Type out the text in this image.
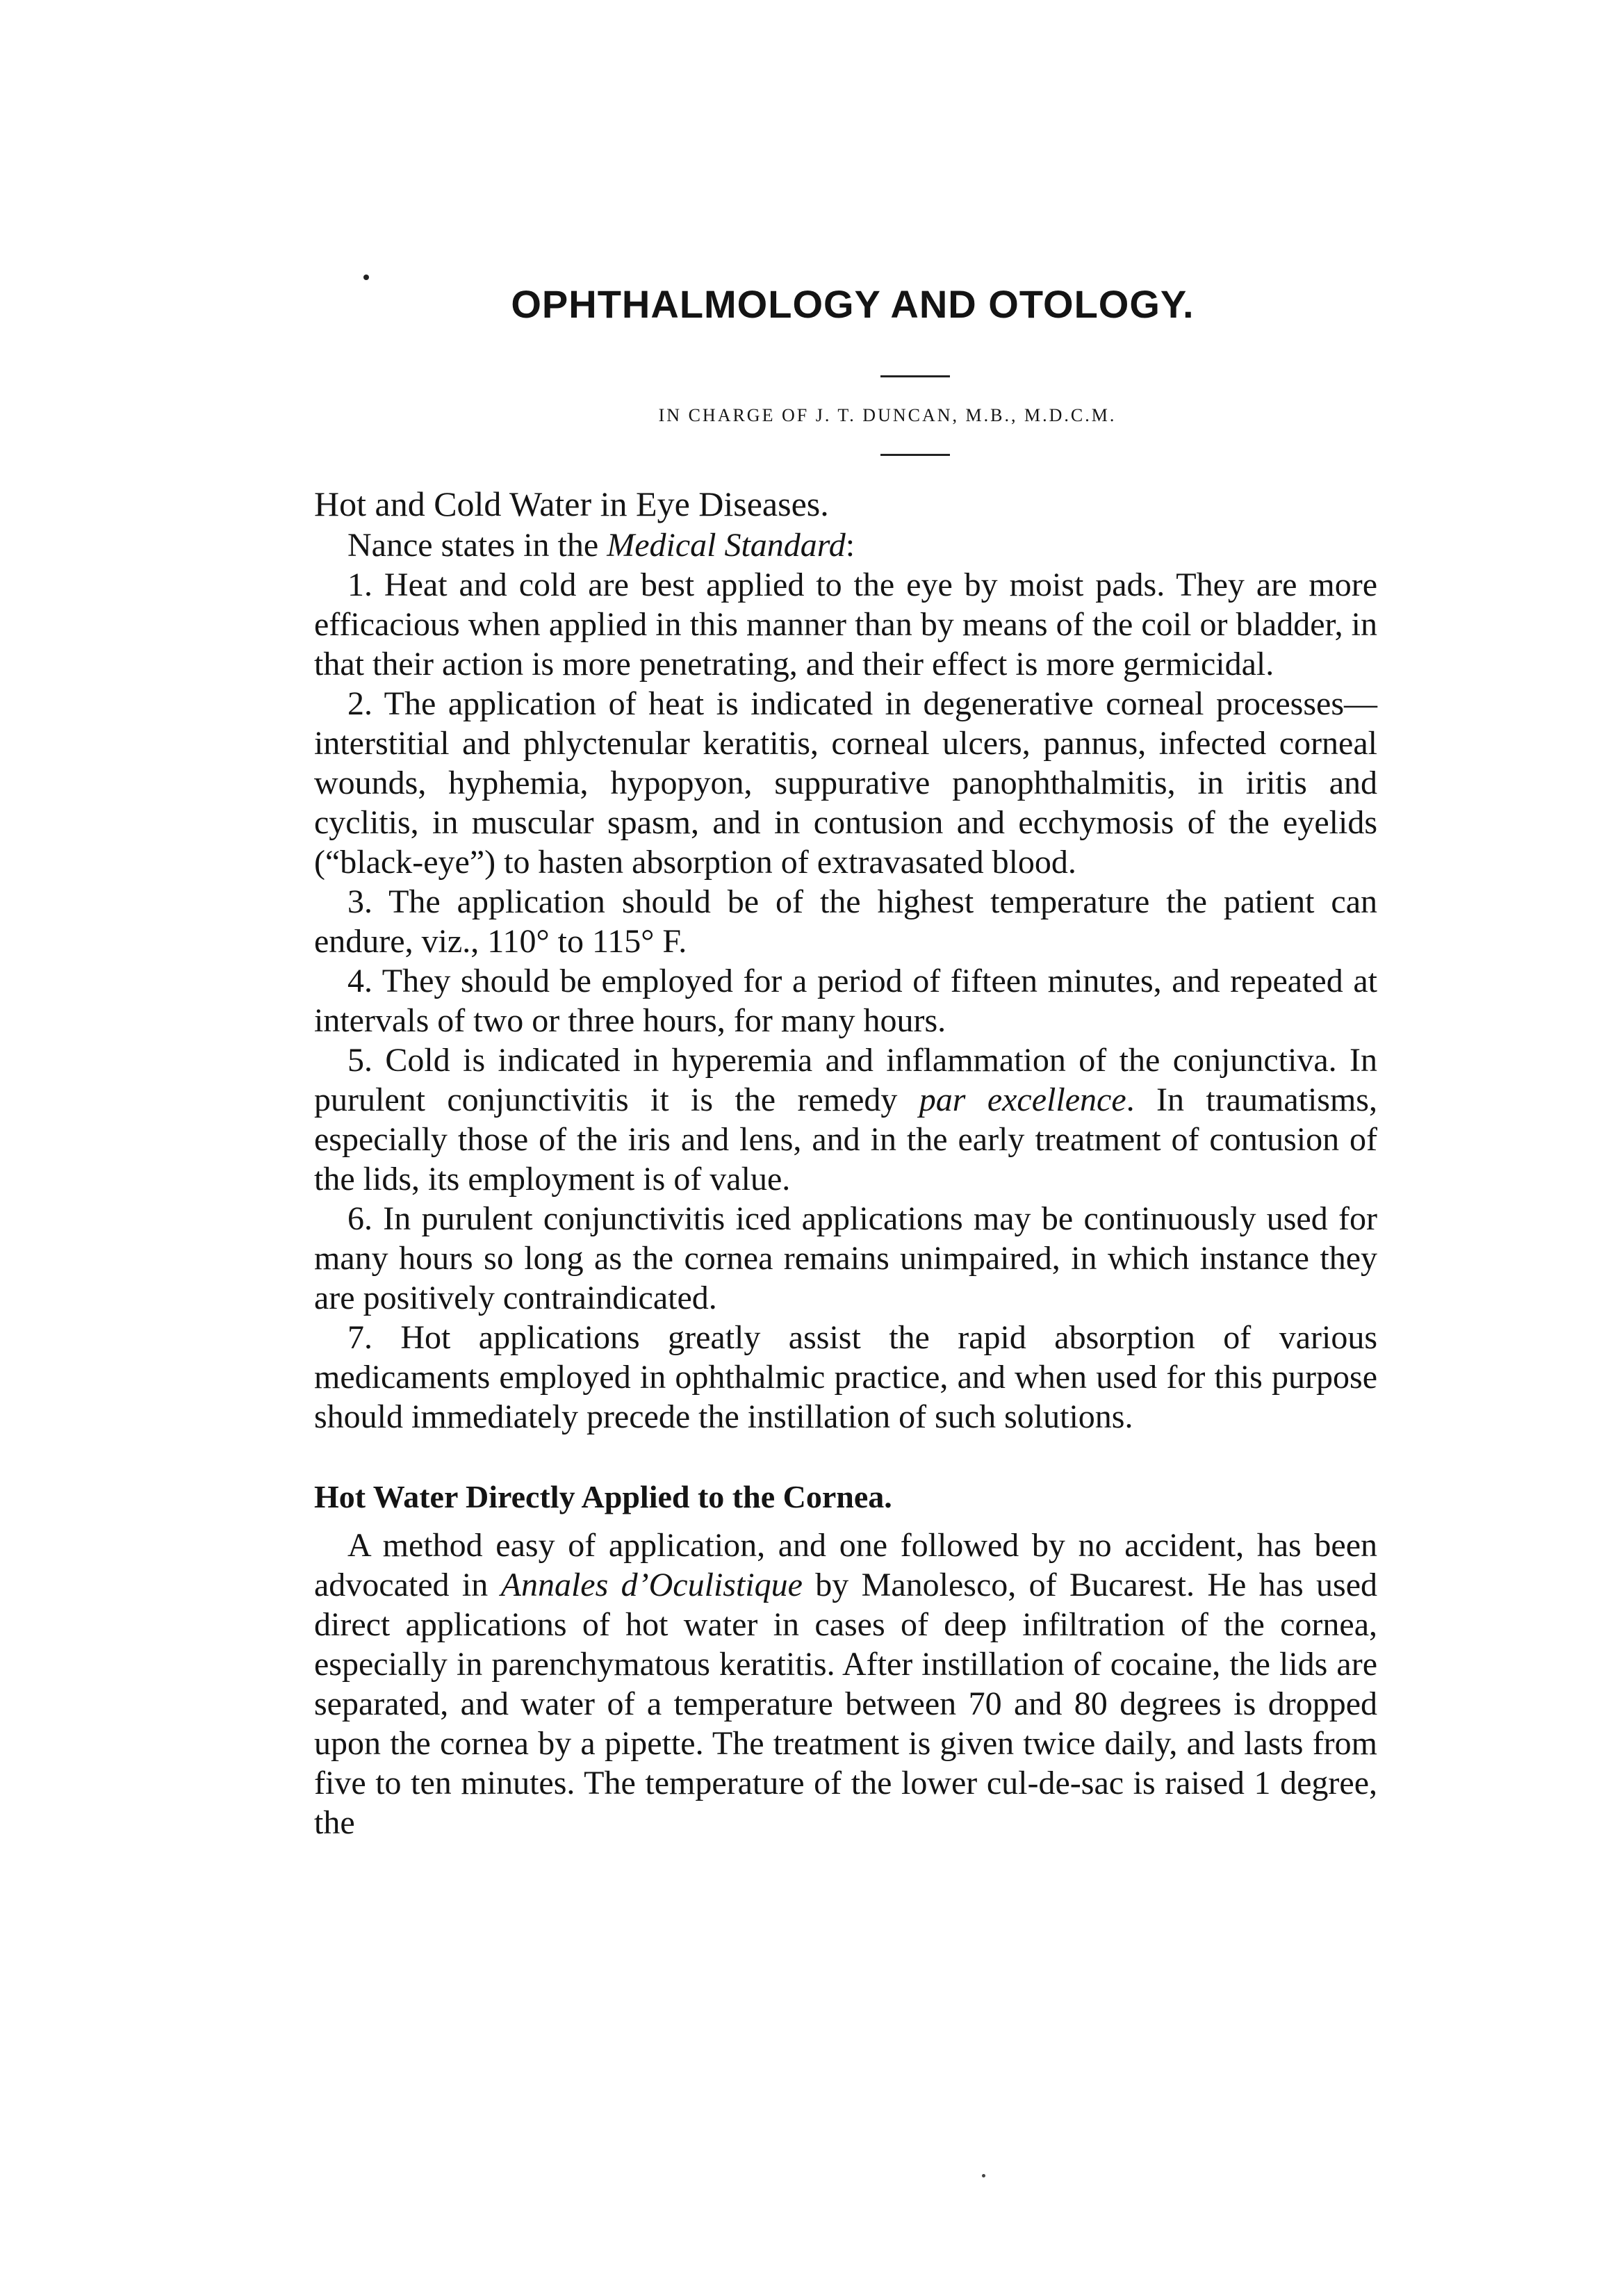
OPHTHALMOLOGY AND OTOLOGY.

IN CHARGE OF J. T. DUNCAN, M.B., M.D.C.M.

Hot and Cold Water in Eye Diseases.

Nance states in the Medical Standard:

1. Heat and cold are best applied to the eye by moist pads. They are more efficacious when applied in this manner than by means of the coil or bladder, in that their action is more penetrating, and their effect is more germicidal.

2. The application of heat is indicated in degenerative corneal processes—interstitial and phlyctenular keratitis, corneal ulcers, pannus, infected corneal wounds, hyphemia, hypopyon, suppurative panophthalmitis, in iritis and cyclitis, in muscular spasm, and in contusion and ecchymosis of the eyelids (“black-eye”) to hasten absorption of extravasated blood.

3. The application should be of the highest temperature the patient can endure, viz., 110° to 115° F.

4. They should be employed for a period of fifteen minutes, and repeated at intervals of two or three hours, for many hours.

5. Cold is indicated in hyperemia and inflammation of the conjunctiva. In purulent conjunctivitis it is the remedy par excellence. In traumatisms, especially those of the iris and lens, and in the early treatment of contusion of the lids, its employment is of value.

6. In purulent conjunctivitis iced applications may be continuously used for many hours so long as the cornea remains unimpaired, in which instance they are positively contraindicated.

7. Hot applications greatly assist the rapid absorption of various medicaments employed in ophthalmic practice, and when used for this purpose should immediately precede the instillation of such solutions.

Hot Water Directly Applied to the Cornea.

A method easy of application, and one followed by no accident, has been advocated in Annales d’Oculistique by Manolesco, of Bucarest. He has used direct applications of hot water in cases of deep infiltration of the cornea, especially in parenchymatous keratitis. After instillation of cocaine, the lids are separated, and water of a temperature between 70 and 80 degrees is dropped upon the cornea by a pipette. The treatment is given twice daily, and lasts from five to ten minutes. The temperature of the lower cul-de-sac is raised 1 degree, the
